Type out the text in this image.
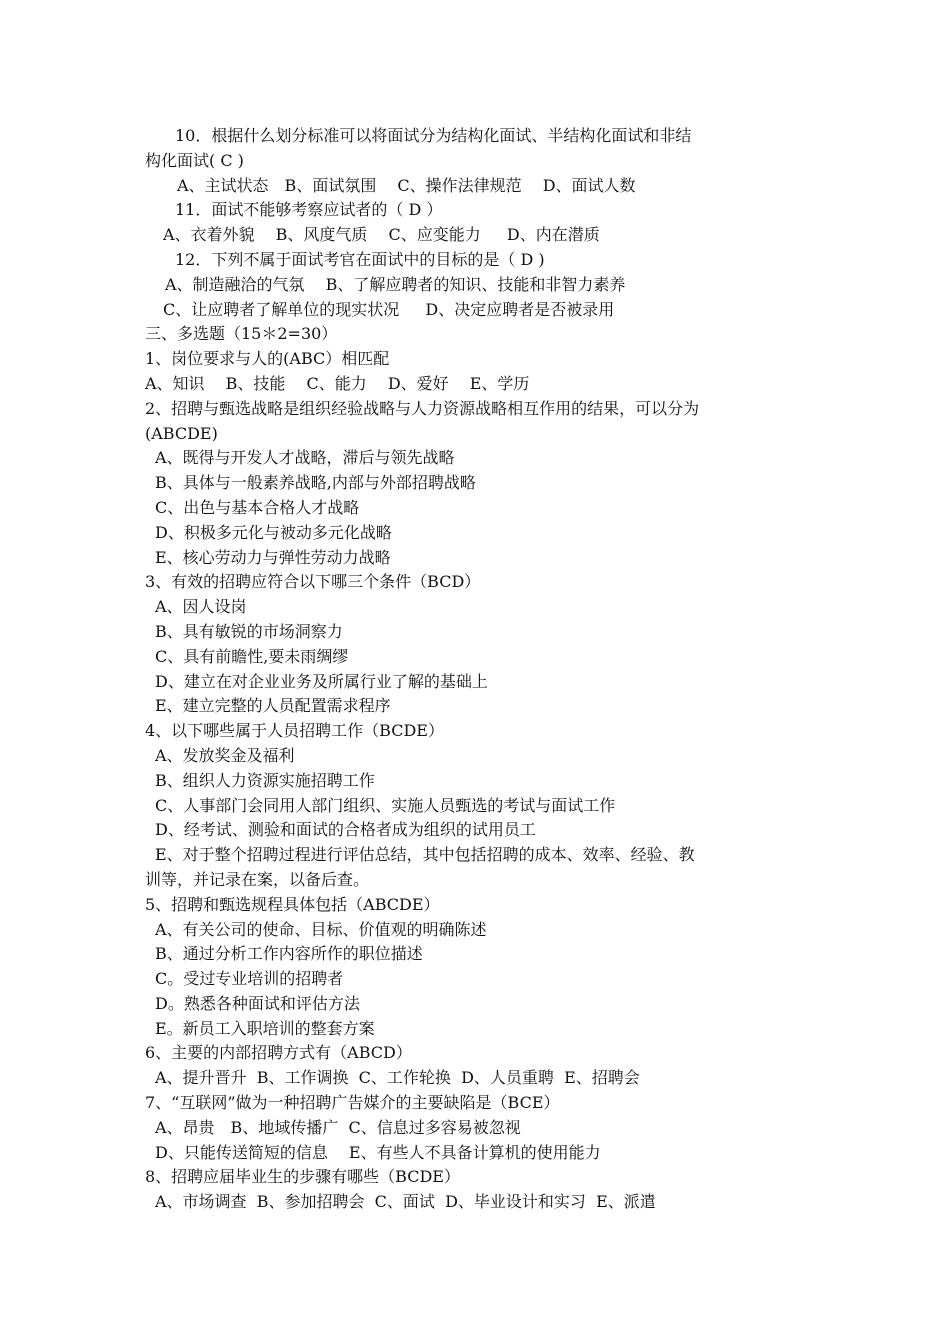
10．根据什么划分标准可以将面试分为结构化面试、半结构化面试和非结
构化面试( C )
A、主试状态　B、面试氛围　 C、操作法律规范　 D、面试人数
11．面试不能够考察应试者的（ D ）
A、衣着外貌　 B、风度气质　 C、应变能力　  D、内在潜质
12．下列不属于面试考官在面试中的目标的是（ D )
A、制造融洽的气氛　 B、了解应聘者的知识、技能和非智力素养
C、让应聘者了解单位的现实状况　  D、决定应聘者是否被录用
三、多选题（15＊2=30）
1、岗位要求与人的(ABC）相匹配
A、知识　 B、技能　 C、能力　 D、爱好　 E、学历
2、招聘与甄选战略是组织经验战略与人力资源战略相互作用的结果，可以分为
(ABCDE)
A、既得与开发人才战略，滞后与领先战略
B、具体与一般素养战略,内部与外部招聘战略
C、出色与基本合格人才战略
D、积极多元化与被动多元化战略
E、核心劳动力与弹性劳动力战略
3、有效的招聘应符合以下哪三个条件（BCD）
A、因人设岗
B、具有敏锐的市场洞察力
C、具有前瞻性,要未雨绸缪
D、建立在对企业业务及所属行业了解的基础上
E、建立完整的人员配置需求程序
4、以下哪些属于人员招聘工作（BCDE）
A、发放奖金及福利
B、组织人力资源实施招聘工作
C、人事部门会同用人部门组织、实施人员甄选的考试与面试工作
D、经考试、测验和面试的合格者成为组织的试用员工
E、对于整个招聘过程进行评估总结，其中包括招聘的成本、效率、经验、教
训等，并记录在案，以备后查。
5、招聘和甄选规程具体包括（ABCDE）
A、有关公司的使命、目标、价值观的明确陈述
B、通过分析工作内容所作的职位描述
C。受过专业培训的招聘者
D。熟悉各种面试和评估方法
E。新员工入职培训的整套方案
6、主要的内部招聘方式有（ABCD）
A、提升晋升  B、工作调换  C、工作轮换  D、人员重聘  E、招聘会
7、“互联网”做为一种招聘广告媒介的主要缺陷是（BCE）
A、昂贵　B、地域传播广  C、信息过多容易被忽视
D、只能传送简短的信息　 E、有些人不具备计算机的使用能力
8、招聘应届毕业生的步骤有哪些（BCDE）
A、市场调查  B、参加招聘会  C、面试  D、毕业设计和实习  E、派遣
